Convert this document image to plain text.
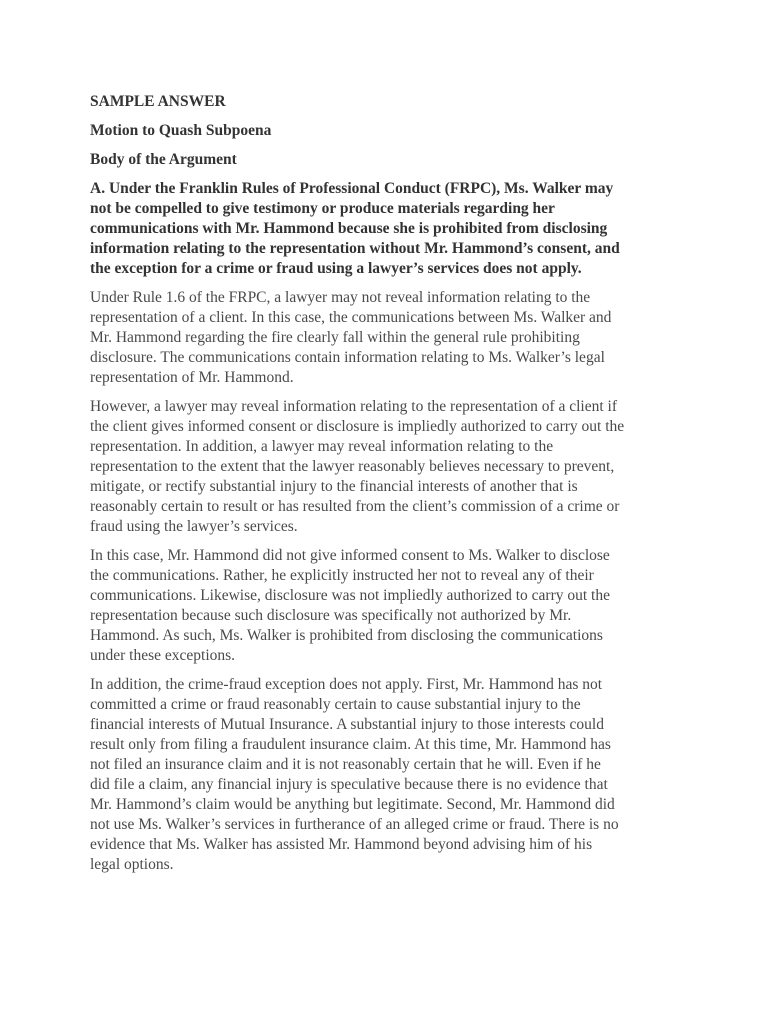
SAMPLE ANSWER

Motion to Quash Subpoena

Body of the Argument

A. Under the Franklin Rules of Professional Conduct (FRPC), Ms. Walker may
not be compelled to give testimony or produce materials regarding her
communications with Mr. Hammond because she is prohibited from disclosing
information relating to the representation without Mr. Hammond’s consent, and
the exception for a crime or fraud using a lawyer’s services does not apply.

Under Rule 1.6 of the FRPC, a lawyer may not reveal information relating to the
representation of a client. In this case, the communications between Ms. Walker and
Mr. Hammond regarding the fire clearly fall within the general rule prohibiting
disclosure. The communications contain information relating to Ms. Walker’s legal
representation of Mr. Hammond.

However, a lawyer may reveal information relating to the representation of a client if
the client gives informed consent or disclosure is impliedly authorized to carry out the
representation. In addition, a lawyer may reveal information relating to the
representation to the extent that the lawyer reasonably believes necessary to prevent,
mitigate, or rectify substantial injury to the financial interests of another that is
reasonably certain to result or has resulted from the client’s commission of a crime or
fraud using the lawyer’s services.

In this case, Mr. Hammond did not give informed consent to Ms. Walker to disclose
the communications. Rather, he explicitly instructed her not to reveal any of their
communications. Likewise, disclosure was not impliedly authorized to carry out the
representation because such disclosure was specifically not authorized by Mr.
Hammond. As such, Ms. Walker is prohibited from disclosing the communications
under these exceptions.

In addition, the crime-fraud exception does not apply. First, Mr. Hammond has not
committed a crime or fraud reasonably certain to cause substantial injury to the
financial interests of Mutual Insurance. A substantial injury to those interests could
result only from filing a fraudulent insurance claim. At this time, Mr. Hammond has
not filed an insurance claim and it is not reasonably certain that he will. Even if he
did file a claim, any financial injury is speculative because there is no evidence that
Mr. Hammond’s claim would be anything but legitimate. Second, Mr. Hammond did
not use Ms. Walker’s services in furtherance of an alleged crime or fraud. There is no
evidence that Ms. Walker has assisted Mr. Hammond beyond advising him of his
legal options.
